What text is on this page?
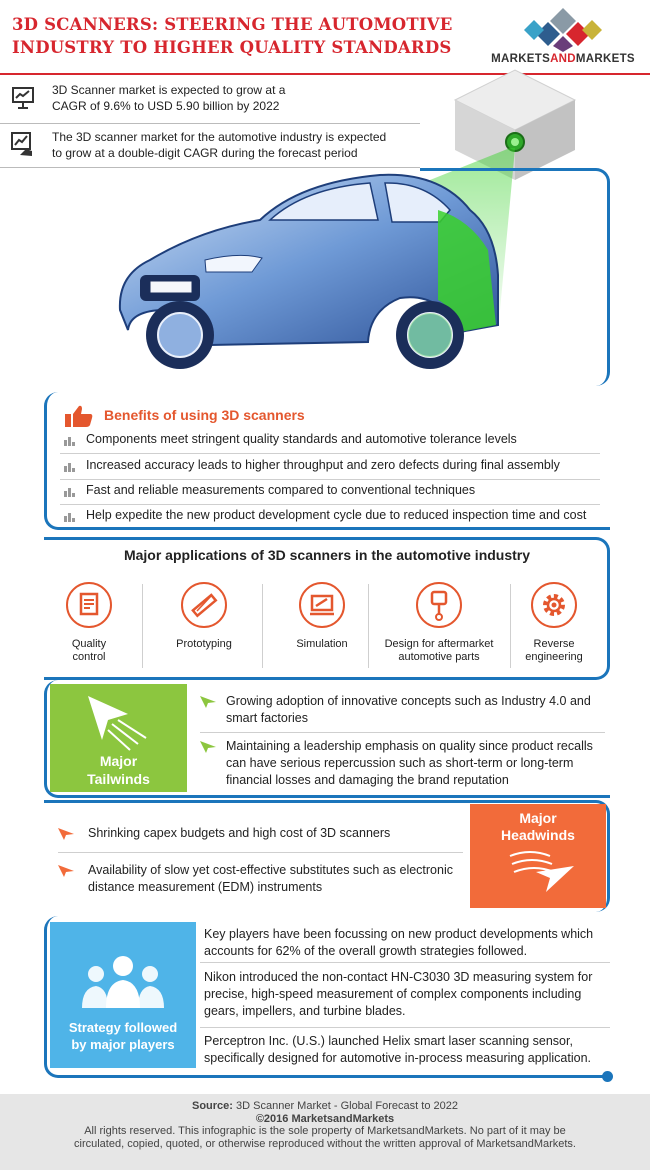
3D SCANNERS: STEERING THE AUTOMOTIVE
INDUSTRY TO HIGHER QUALITY STANDARDS
MARKETSANDMARKETS
3D Scanner market is expected to grow at a
CAGR of 9.6% to USD 5.90 billion by 2022
The 3D scanner market for the automotive industry is expected
to grow at a double-digit CAGR during the forecast period
Benefits of using 3D scanners
Components meet stringent quality standards and automotive tolerance levels
Increased accuracy leads to higher throughput and zero defects during final assembly
Fast and reliable measurements compared to conventional techniques
Help expedite the new product development cycle due to reduced inspection time and cost
Major applications of 3D scanners in the automotive industry
Quality
control
Prototyping	Simulation	Design for aftermarket
automotive parts
Reverse
engineering
Major
Tailwinds
Growing adoption of innovative concepts such as Industry 4.0 and smart factories
Maintaining a leadership emphasis on quality since product recalls can have serious repercussion such as short-term or long-term financial losses and damaging the brand reputation
Major
Headwinds
Shrinking capex budgets and high cost of 3D scanners
Availability of slow yet cost-effective substitutes such as electronic distance measurement (EDM) instruments
Strategy followed
by major players
Key players have been focussing on new product developments which accounts for 62% of the overall growth strategies followed.
Nikon introduced the non-contact HN-C3030 3D measuring system for precise, high-speed measurement of complex components including gears, impellers, and turbine blades.
Perceptron Inc. (U.S.) launched Helix smart laser scanning sensor, specifically designed for automotive in-process measuring application.
Source: 3D Scanner Market - Global Forecast to 2022
©2016 MarketsandMarkets
All rights reserved. This infographic is the sole property of MarketsandMarkets. No part of it may be
circulated, copied, quoted, or otherwise reproduced without the written approval of MarketsandMarkets.
